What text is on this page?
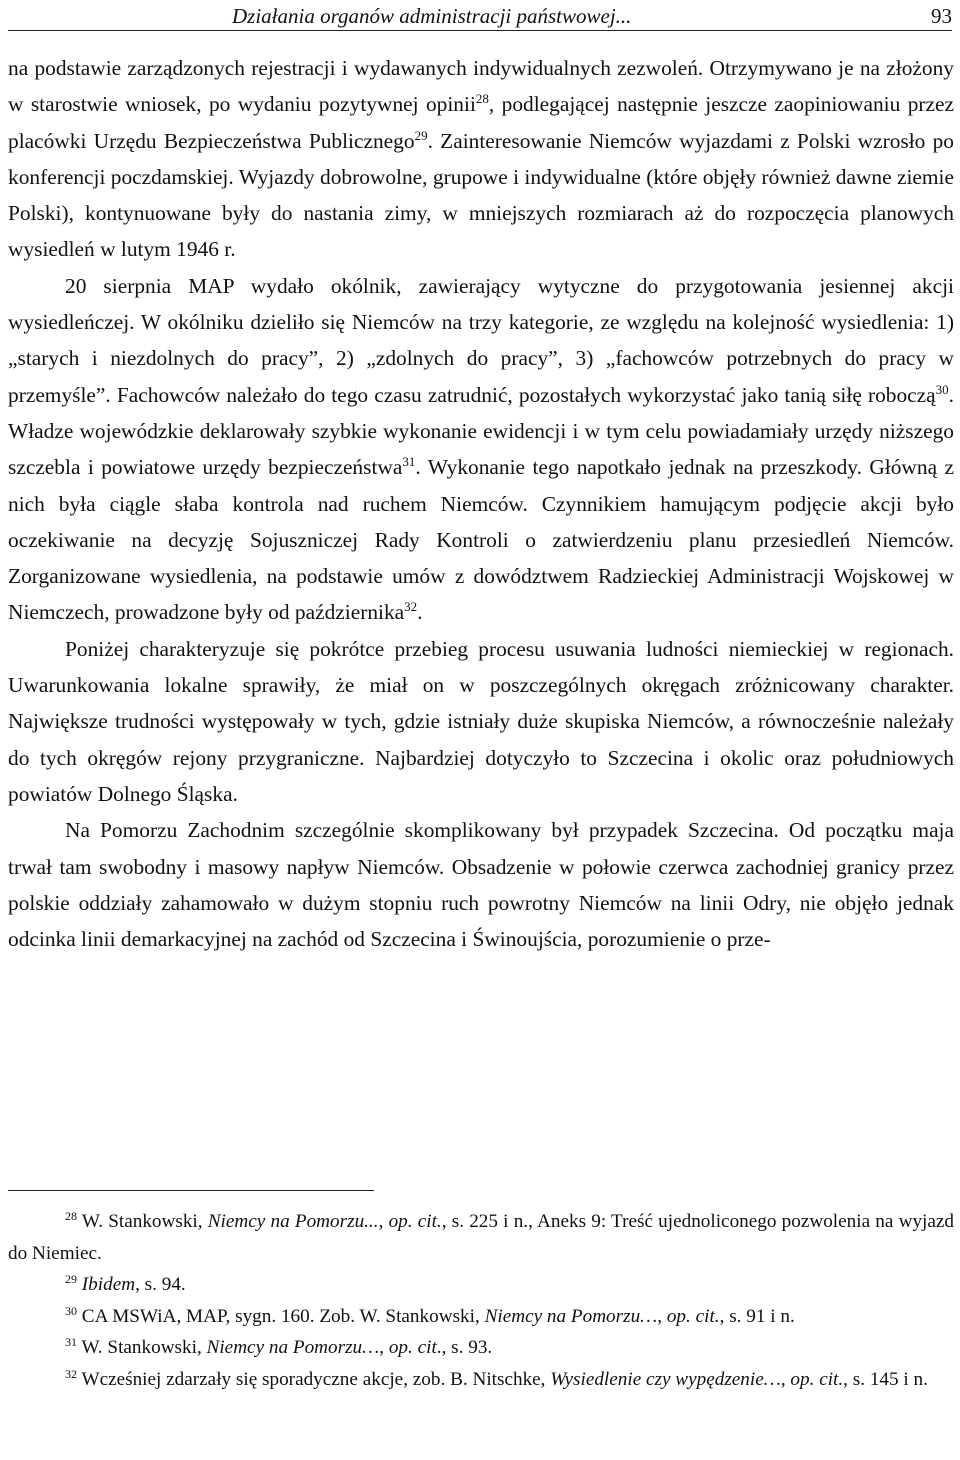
Działania organów administracji państwowej...	93

na podstawie zarządzonych rejestracji i wydawanych indywidualnych zezwoleń. Otrzymywano je na złożony w starostwie wniosek, po wydaniu pozytywnej opinii$^{28}$, podlegającej następnie jeszcze zaopiniowaniu przez placówki Urzędu Bezpieczeństwa Publicznego$^{29}$. Zainteresowanie Niemców wyjazdami z Polski wzrosło po konferencji poczdamskiej. Wyjazdy dobrowolne, grupowe i indywidualne (które objęły również dawne ziemie Polski), kontynuowane były do nastania zimy, w mniejszych rozmiarach aż do rozpoczęcia planowych wysiedleń w lutym 1946 r.

20 sierpnia MAP wydało okólnik, zawierający wytyczne do przygotowania jesiennej akcji wysiedleńczej. W okólniku dzieliło się Niemców na trzy kategorie, ze względu na kolejność wysiedlenia: 1) „starych i niezdolnych do pracy”, 2) „zdolnych do pracy”, 3) „fachowców potrzebnych do pracy w przemyśle”. Fachowców należało do tego czasu zatrudnić, pozostałych wykorzystać jako tanią siłę roboczą$^{30}$. Władze wojewódzkie deklarowały szybkie wykonanie ewidencji i w tym celu powiadamiały urzędy niższego szczebla i powiatowe urzędy bezpieczeństwa$^{31}$. Wykonanie tego napotkało jednak na przeszkody. Główną z nich była ciągle słaba kontrola nad ruchem Niemców. Czynnikiem hamującym podjęcie akcji było oczekiwanie na decyzję Sojuszniczej Rady Kontroli o zatwierdzeniu planu przesiedleń Niemców. Zorganizowane wysiedlenia, na podstawie umów z dowództwem Radzieckiej Administracji Wojskowej w Niemczech, prowadzone były od października$^{32}$.

Poniżej charakteryzuje się pokrótce przebieg procesu usuwania ludności niemieckiej w regionach. Uwarunkowania lokalne sprawiły, że miał on w poszczególnych okręgach zróżnicowany charakter. Największe trudności występowały w tych, gdzie istniały duże skupiska Niemców, a równocześnie należały do tych okręgów rejony przygraniczne. Najbardziej dotyczyło to Szczecina i okolic oraz południowych powiatów Dolnego Śląska.

Na Pomorzu Zachodnim szczególnie skomplikowany był przypadek Szczecina. Od początku maja trwał tam swobodny i masowy napływ Niemców. Obsadzenie w połowie czerwca zachodniej granicy przez polskie oddziały zahamowało w dużym stopniu ruch powrotny Niemców na linii Odry, nie objęło jednak odcinka linii demarkacyjnej na zachód od Szczecina i Świnoujścia, porozumienie o prze-

$^{28}$ W. Stankowski, Niemcy na Pomorzu..., op. cit., s. 225 i n., Aneks 9: Treść ujednoliconego pozwolenia na wyjazd do Niemiec.

$^{29}$ Ibidem, s. 94.

$^{30}$ CA MSWiA, MAP, sygn. 160. Zob. W. Stankowski, Niemcy na Pomorzu…, op. cit., s. 91 i n.

$^{31}$ W. Stankowski, Niemcy na Pomorzu…, op. cit., s. 93.

$^{32}$ Wcześniej zdarzały się sporadyczne akcje, zob. B. Nitschke, Wysiedlenie czy wypędzenie…, op. cit., s. 145 i n.
